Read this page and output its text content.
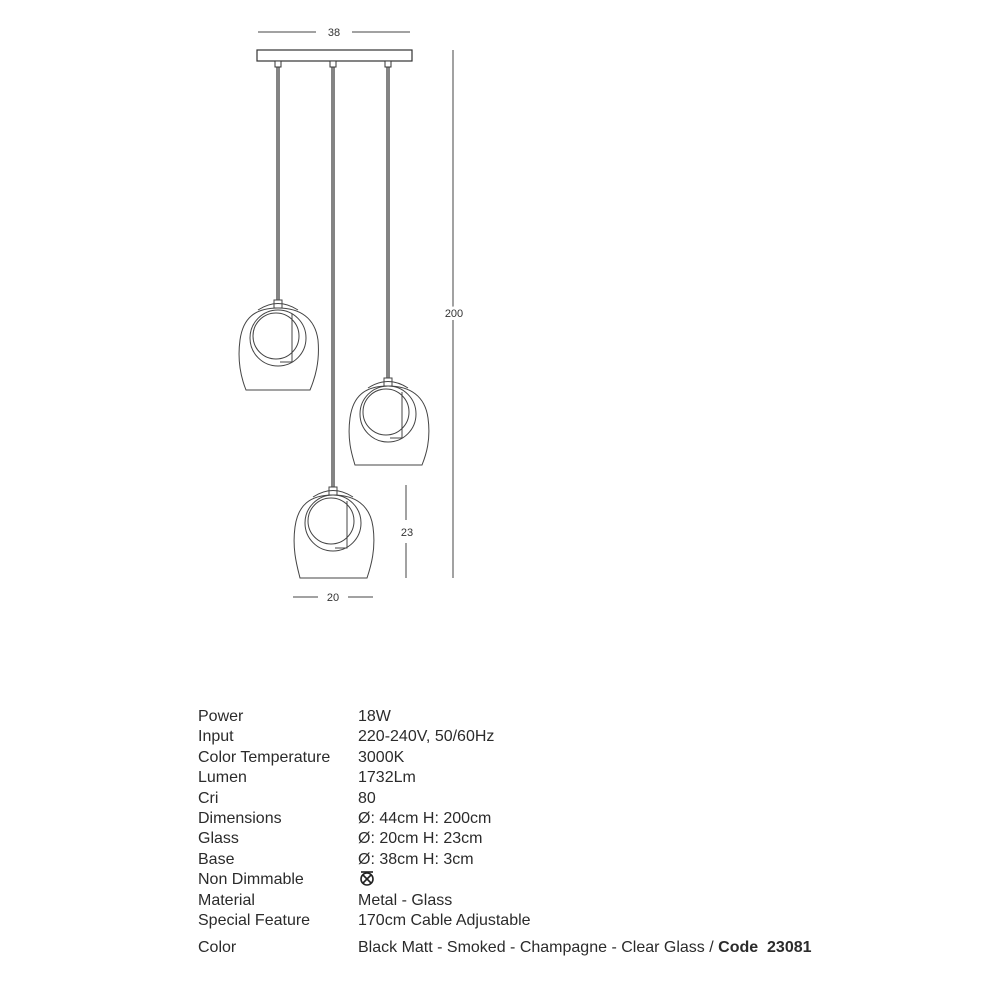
38
200
23
20
Power	18W
Input	220-240V, 50/60Hz
Color Temperature 3000K
Lumen	1732Lm
Cri	80
Dimensions	Ø: 44cm H: 200cm
Glass	Ø: 20cm H: 23cm
Base	Ø: 38cm H: 3cm
Non Dimmable
Material	Metal - Glass
Special Feature	170cm Cable Adjustable
Color	Black Matt - Smoked - Champagne - Clear Glass / Code  23081
